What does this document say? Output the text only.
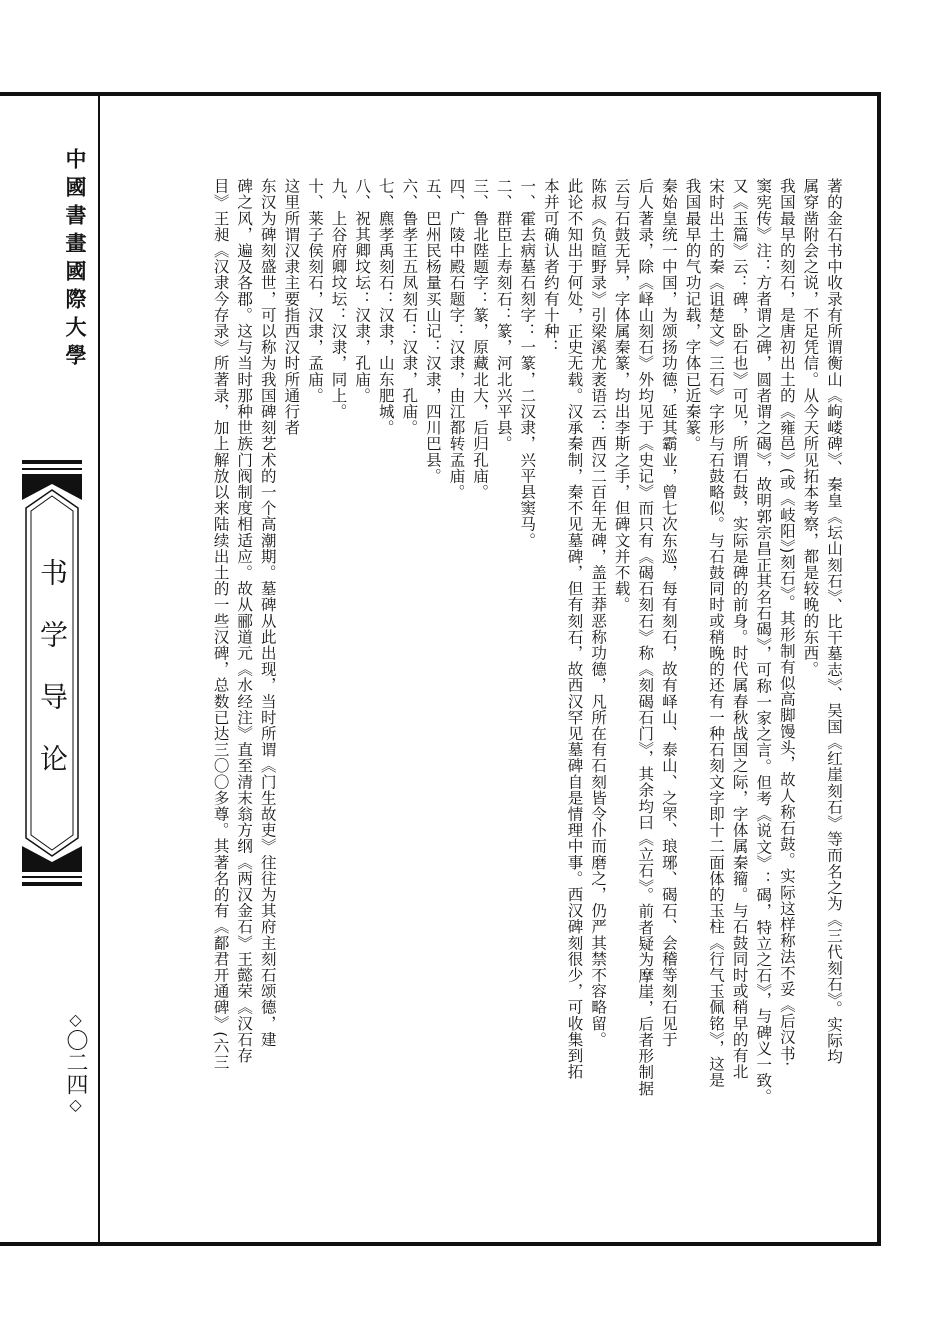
中國書畫國際大學
书学导论
◇〇二四◇
著的金石书中收录有所谓衡山《岣嵝碑》、秦皇《坛山刻石》、比干墓志》、吴国《红崖刻石》等而名之为《三代刻石》。实际均
属穿凿附会之说，不足凭信。从今天所见拓本考察，都是较晚的东西。
我国最早的刻石，是唐初出土的《雍邑》(或《岐阳》)刻石》。其形制有似高脚馒头，故人称石鼓。实际这样称法不妥《后汉书·
窦宪传》注：方者谓之碑，圆者谓之碣》，故明郭宗昌正其名石碣》，可称一家之言。但考《说文》：碣，特立之石》，与碑义一致。
又《玉篇》云：碑，卧石也》可见，所谓石鼓，实际是碑的前身。时代属春秋战国之际，字体属秦籀。与石鼓同时或稍早的有北
宋时出土的秦《诅楚文》三石》字形与石鼓略似。与石鼓同时或稍晚的还有一种石刻文字即十二面体的玉柱《行气玉佩铭》，这是
我国最早的气功记载，字体已近秦篆。
秦始皇统一中国，为颂扬功德，延其霸业，曾七次东巡，每有刻石，故有峄山、泰山、之罘、琅琊、碣石、会稽等刻石见于
后人著录，除《峄山刻石》外均见于《史记》而只有《碣石刻石》称《刻碣石门》，其余均曰《立石》。前者疑为摩崖，后者形制据
云与石鼓无异，字体属秦篆，均出李斯之手，但碑文并不载。
陈叔《负暄野录》引梁溪尤袤语云：西汉二百年无碑，盖王莽恶称功德，凡所在有石刻皆令仆而磨之，仍严其禁不容略留。
此论不知出于何处，正史无载。汉承秦制，秦不见墓碑，但有刻石，故西汉罕见墓碑自是情理中事。西汉碑刻很少，可收集到拓
本并可确认者约有十种：
一、霍去病墓石刻字：一篆，二汉隶，兴平县窦马。
二、群臣上寿刻石：篆，河北兴平县。
三、鲁北陛题字：篆，原藏北大，后归孔庙。
四、广陵中殿石题字：汉隶，由江都转孟庙。
五、巴州民杨量买山记：汉隶，四川巴县。
六、鲁孝王五凤刻石：汉隶，孔庙。
七、麃孝禹刻石：汉隶，山东肥城。
八、祝其卿坟坛：汉隶，孔庙。
九、上谷府卿坟坛：汉隶，同上。
十、莱子侯刻石，汉隶，孟庙。
这里所谓汉隶主要指西汉时所通行者
东汉为碑刻盛世，可以称为我国碑刻艺术的一个高潮期。墓碑从此出现，当时所谓《门生故吏》往往为其府主刻石颂德，建
碑之风，遍及各郡。这与当时那种世族门阀制度相适应。故从郦道元《水经注》直至清末翁方纲《两汉金石》王懿荣《汉石存
目》王昶《汉隶今存录》所著录，加上解放以来陆续出土的一些汉碑，总数已达三〇〇多尊。其著名的有《鄐君开通碑》(六三
